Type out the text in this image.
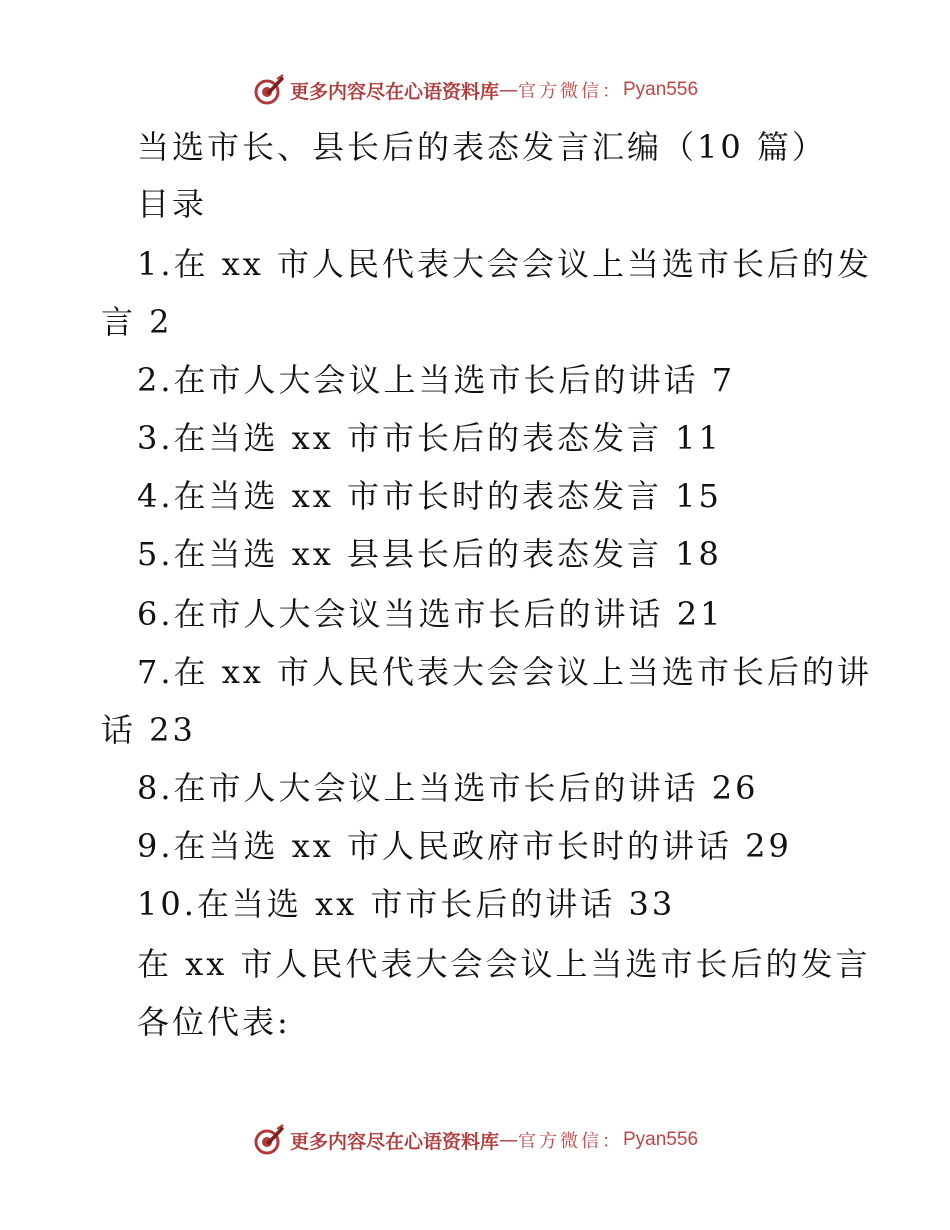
更多内容尽在心语资料库 — 官方微信： Pyan556
当选市长、县长后的表态发言汇编（10 篇）
目录
1.在 xx 市人民代表大会会议上当选市长后的发
言 2
2.在市人大会议上当选市长后的讲话 7
3.在当选 xx 市市长后的表态发言 11
4.在当选 xx 市市长时的表态发言 15
5.在当选 xx 县县长后的表态发言 18
6.在市人大会议当选市长后的讲话 21
7.在 xx 市人民代表大会会议上当选市长后的讲
话 23
8.在市人大会议上当选市长后的讲话 26
9.在当选 xx 市人民政府市长时的讲话 29
10.在当选 xx 市市长后的讲话 33
在 xx 市人民代表大会会议上当选市长后的发言
各位代表:
更多内容尽在心语资料库 — 官方微信： Pyan556
